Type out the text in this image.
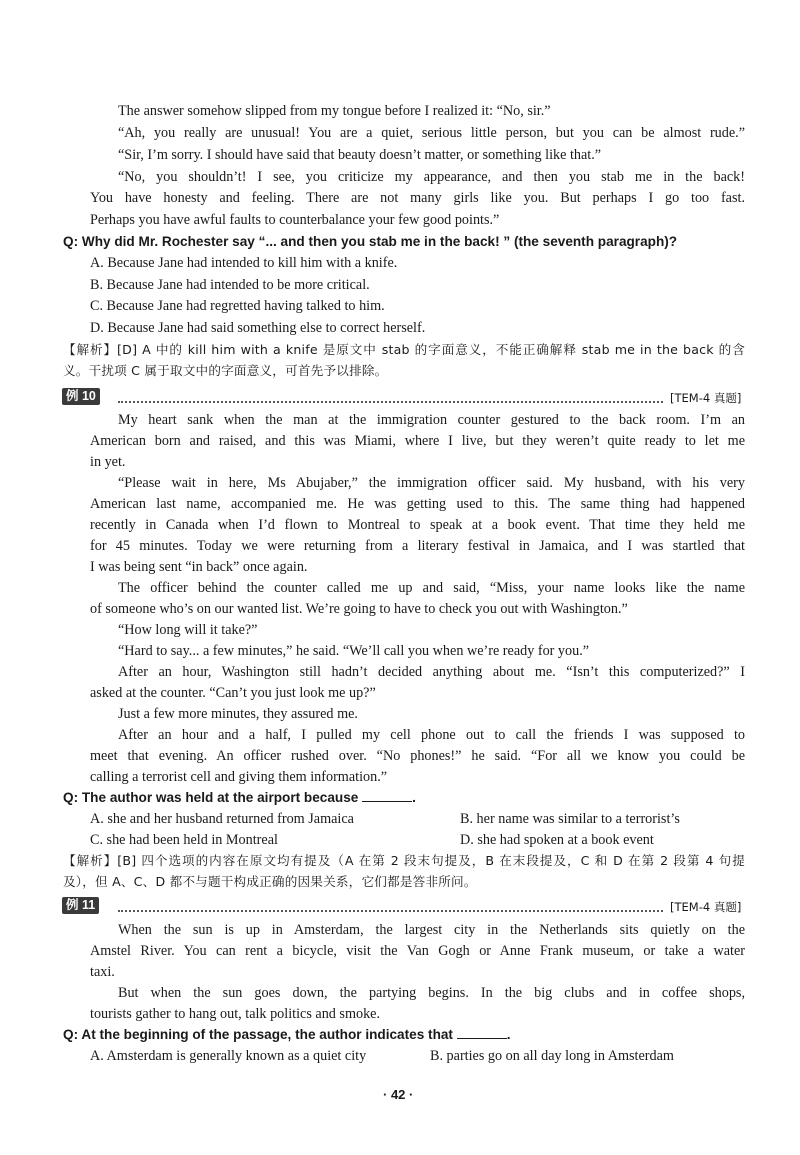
The answer somehow slipped from my tongue before I realized it: “No, sir.”
“Ah, you really are unusual! You are a quiet, serious little person, but you can be almost rude.”
“Sir, I’m sorry. I should have said that beauty doesn’t matter, or something like that.”
“No, you shouldn’t! I see, you criticize my appearance, and then you stab me in the back!
You have honesty and feeling. There are not many girls like you. But perhaps I go too fast.
Perhaps you have awful faults to counterbalance your few good points.”
Q: Why did Mr. Rochester say “... and then you stab me in the back! ” (the seventh paragraph)?
A. Because Jane had intended to kill him with a knife.
B. Because Jane had intended to be more critical.
C. Because Jane had regretted having talked to him.
D. Because Jane had said something else to correct herself.
【解析】[D] A 中的 kill him with a knife 是原文中 stab 的字面意义，不能正确解释 stab me in the back 的含
义。干扰项 C 属于取文中的字面意义，可首先予以排除。
例 10	[TEM-4 真题]
My heart sank when the man at the immigration counter gestured to the back room. I’m an
American born and raised, and this was Miami, where I live, but they weren’t quite ready to let me
in yet.
“Please wait in here, Ms Abujaber,” the immigration officer said. My husband, with his very
American last name, accompanied me. He was getting used to this. The same thing had happened
recently in Canada when I’d flown to Montreal to speak at a book event. That time they held me
for 45 minutes. Today we were returning from a literary festival in Jamaica, and I was startled that
I was being sent “in back” once again.
The officer behind the counter called me up and said, “Miss, your name looks like the name
of someone who’s on our wanted list. We’re going to have to check you out with Washington.”
“How long will it take?”
“Hard to say... a few minutes,” he said. “We’ll call you when we’re ready for you.”
After an hour, Washington still hadn’t decided anything about me. “Isn’t this computerized?” I
asked at the counter. “Can’t you just look me up?”
Just a few more minutes, they assured me.
After an hour and a half, I pulled my cell phone out to call the friends I was supposed to
meet that evening. An officer rushed over. “No phones!” he said. “For all we know you could be
calling a terrorist cell and giving them information.”
Q: The author was held at the airport because	.
A. she and her husband returned from Jamaica	B. her name was similar to a terrorist’s
C. she had been held in Montreal	D. she had spoken at a book event
【解析】[B] 四个选项的内容在原文均有提及（A 在第 2 段末句提及，B 在末段提及，C 和 D 在第 2 段第 4 句提
及），但 A、C、D 都不与题干构成正确的因果关系，它们都是答非所问。
例 11	[TEM-4 真题]
When the sun is up in Amsterdam, the largest city in the Netherlands sits quietly on the
Amstel River. You can rent a bicycle, visit the Van Gogh or Anne Frank museum, or take a water
taxi.
But when the sun goes down, the partying begins. In the big clubs and in coffee shops,
tourists gather to hang out, talk politics and smoke.
Q: At the beginning of the passage, the author indicates that	.
A. Amsterdam is generally known as a quiet city	B. parties go on all day long in Amsterdam
· 42 ·
